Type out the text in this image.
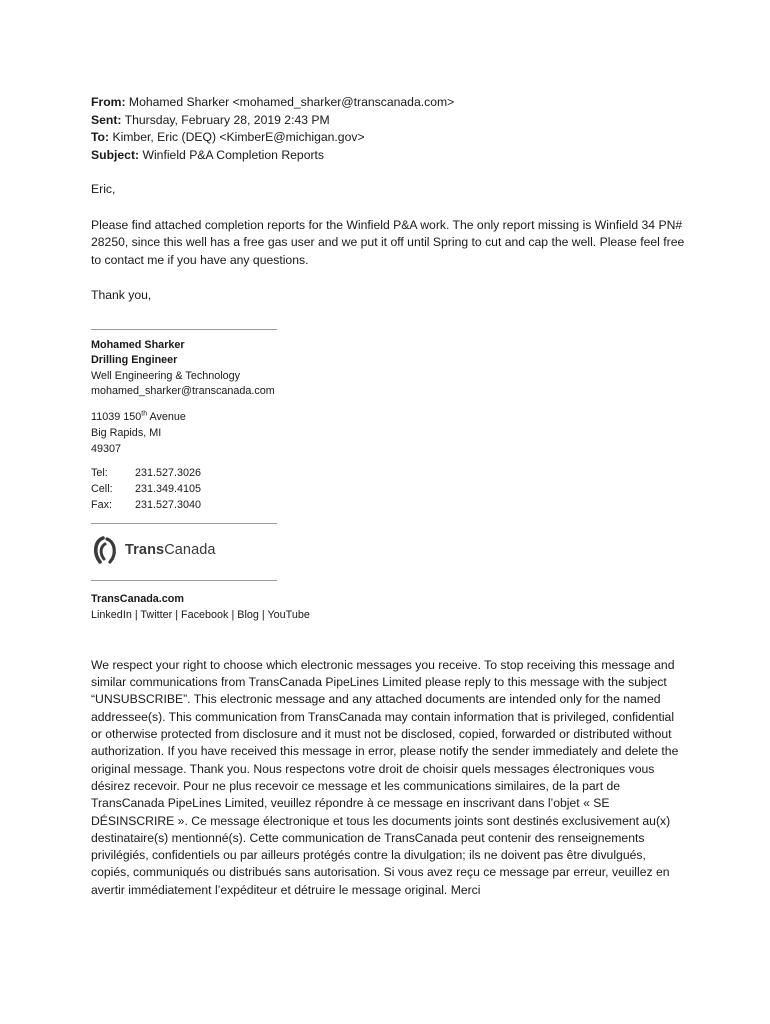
From: Mohamed Sharker <mohamed_sharker@transcanada.com>
Sent: Thursday, February 28, 2019 2:43 PM
To: Kimber, Eric (DEQ) <KimberE@michigan.gov>
Subject: Winfield P&A Completion Reports
Eric,
Please find attached completion reports for the Winfield P&A work. The only report missing is Winfield 34 PN# 28250, since this well has a free gas user and we put it off until Spring to cut and cap the well. Please feel free to contact me if you have any questions.
Thank you,
Mohamed Sharker
Drilling Engineer
Well Engineering & Technology
mohamed_sharker@transcanada.com
11039 150th Avenue
Big Rapids, MI
49307
Tel:	231.527.3026
Cell:	231.349.4105
Fax:	231.527.3040
TransCanada
TransCanada.com
LinkedIn | Twitter | Facebook | Blog | YouTube
We respect your right to choose which electronic messages you receive. To stop receiving this message and similar communications from TransCanada PipeLines Limited please reply to this message with the subject “UNSUBSCRIBE”. This electronic message and any attached documents are intended only for the named addressee(s). This communication from TransCanada may contain information that is privileged, confidential or otherwise protected from disclosure and it must not be disclosed, copied, forwarded or distributed without authorization. If you have received this message in error, please notify the sender immediately and delete the original message. Thank you. Nous respectons votre droit de choisir quels messages électroniques vous désirez recevoir. Pour ne plus recevoir ce message et les communications similaires, de la part de TransCanada PipeLines Limited, veuillez répondre à ce message en inscrivant dans l’objet « SE DÉSINSCRIRE ». Ce message électronique et tous les documents joints sont destinés exclusivement au(x) destinataire(s) mentionné(s). Cette communication de TransCanada peut contenir des renseignements privilégiés, confidentiels ou par ailleurs protégés contre la divulgation; ils ne doivent pas être divulgués, copiés, communiqués ou distribués sans autorisation. Si vous avez reçu ce message par erreur, veuillez en avertir immédiatement l’expéditeur et détruire le message original. Merci
